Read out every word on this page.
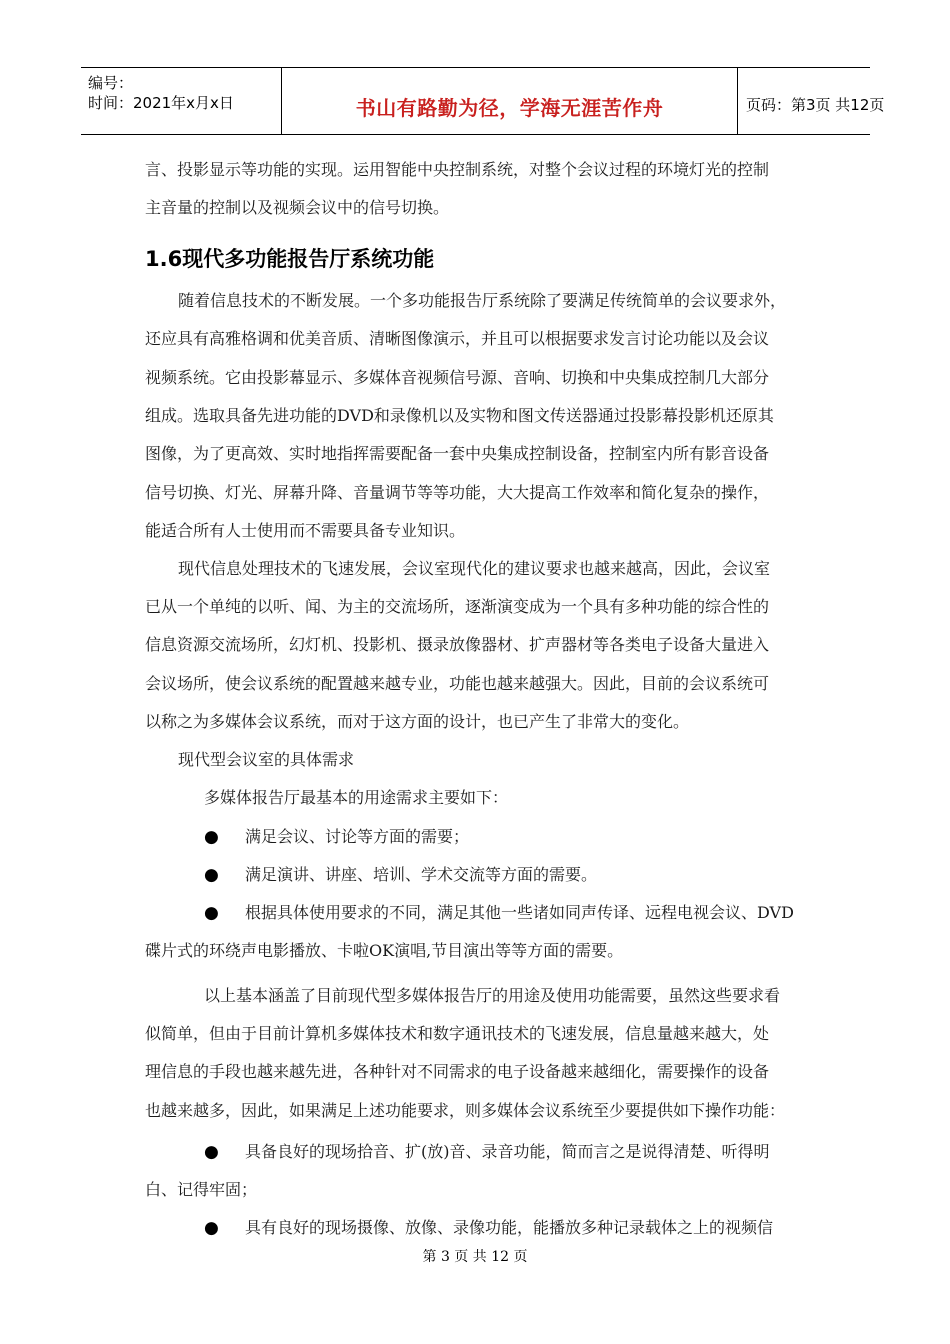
编号：
时间：2021年x月x日	书山有路勤为径，学海无涯苦作舟	页码：第3页 共12页
言、投影显示等功能的实现。运用智能中央控制系统，对整个会议过程的环境灯光的控制
主音量的控制以及视频会议中的信号切换。
1.6现代多功能报告厅系统功能
随着信息技术的不断发展。一个多功能报告厅系统除了要满足传统简单的会议要求外，
还应具有高雅格调和优美音质、清晰图像演示，并且可以根据要求发言讨论功能以及会议
视频系统。它由投影幕显示、多媒体音视频信号源、音响、切换和中央集成控制几大部分
组成。选取具备先进功能的DVD和录像机以及实物和图文传送器通过投影幕投影机还原其
图像，为了更高效、实时地指挥需要配备一套中央集成控制设备，控制室内所有影音设备
信号切换、灯光、屏幕升降、音量调节等等功能，大大提高工作效率和简化复杂的操作，
能适合所有人士使用而不需要具备专业知识。
现代信息处理技术的飞速发展，会议室现代化的建议要求也越来越高，因此，会议室
已从一个单纯的以听、闻、为主的交流场所，逐渐演变成为一个具有多种功能的综合性的
信息资源交流场所，幻灯机、投影机、摄录放像器材、扩声器材等各类电子设备大量进入
会议场所，使会议系统的配置越来越专业，功能也越来越强大。因此，目前的会议系统可
以称之为多媒体会议系统，而对于这方面的设计，也已产生了非常大的变化。
现代型会议室的具体需求
多媒体报告厅最基本的用途需求主要如下：
● 满足会议、讨论等方面的需要；
● 满足演讲、讲座、培训、学术交流等方面的需要。
● 根据具体使用要求的不同，满足其他一些诸如同声传译、远程电视会议、DVD
碟片式的环绕声电影播放、卡啦OK演唱,节目演出等等方面的需要。
以上基本涵盖了目前现代型多媒体报告厅的用途及使用功能需要，虽然这些要求看
似简单，但由于目前计算机多媒体技术和数字通讯技术的飞速发展，信息量越来越大，处
理信息的手段也越来越先进，各种针对不同需求的电子设备越来越细化，需要操作的设备
也越来越多，因此，如果满足上述功能要求，则多媒体会议系统至少要提供如下操作功能：
● 具备良好的现场拾音、扩(放)音、录音功能，简而言之是说得清楚、听得明
白、记得牢固；
● 具有良好的现场摄像、放像、录像功能，能播放多种记录载体之上的视频信
第 3 页 共 12 页
